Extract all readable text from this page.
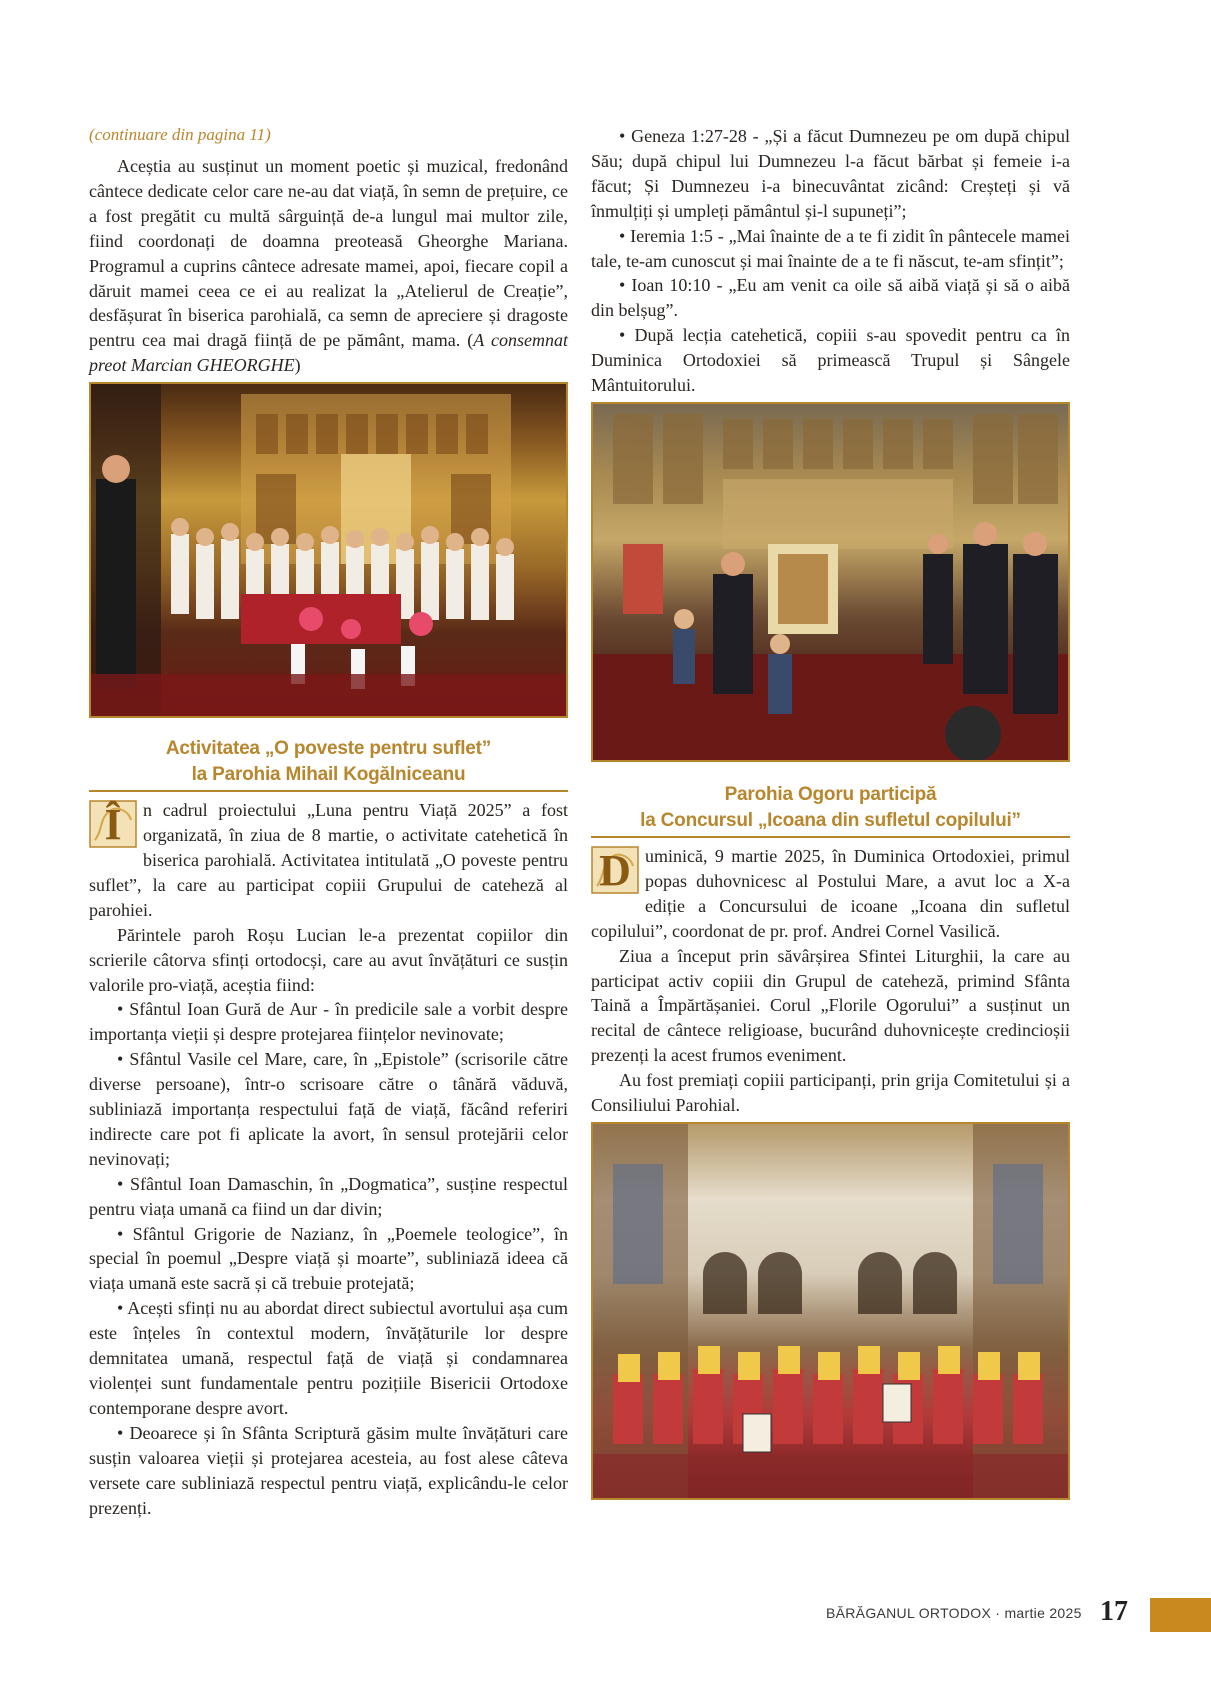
(continuare din pagina 11)

Aceștia au susținut un moment poetic și muzical, fredonând cântece dedicate celor care ne-au dat viață, în semn de prețuire, ce a fost pregătit cu multă sârguință de-a lungul mai multor zile, fiind coordonați de doamna preoteasă Gheorghe Mariana. Programul a cuprins cântece adresate mamei, apoi, fiecare copil a dăruit mamei ceea ce ei au realizat la „Atelierul de Creație”, desfășurat în biserica parohială, ca semn de apreciere și dragoste pentru cea mai dragă ființă de pe pământ, mama. (A consemnat preot Marcian GHEORGHE)

Activitatea „O poveste pentru suflet”
la Parohia Mihail Kogălniceanu

Î	n cadrul proiectului „Luna pentru Viață 2025” a fost organizată, în ziua de 8 martie, o activitate catehetică în biserica parohială. Activitatea intitulată „O poveste pentru suflet”, la care au participat copiii Grupului de cateheză al parohiei.

Părintele paroh Roșu Lucian le-a prezentat copiilor din scrierile câtorva sfinți ortodocși, care au avut învățături ce susțin valorile pro-viață, aceștia fiind:

• Sfântul Ioan Gură de Aur - în predicile sale a vorbit despre importanța vieții și despre protejarea ființelor nevinovate;

• Sfântul Vasile cel Mare, care, în „Epistole” (scrisorile către diverse persoane), într-o scrisoare către o tânără văduvă, subliniază importanța respectului față de viață, făcând referiri indirecte care pot fi aplicate la avort, în sensul protejării celor nevinovați;

• Sfântul Ioan Damaschin, în „Dogmatica”, susține respectul pentru viața umană ca fiind un dar divin;

• Sfântul Grigorie de Nazianz, în „Poemele teologice”, în special în poemul „Despre viață și moarte”, subliniază ideea că viața umană este sacră și că trebuie protejată;

• Acești sfinți nu au abordat direct subiectul avortului așa cum este înțeles în contextul modern, învățăturile lor despre demnitatea umană, respectul față de viață și condamnarea violenței sunt fundamentale pentru pozițiile Bisericii Ortodoxe contemporane despre avort.

• Deoarece și în Sfânta Scriptură găsim multe învățături care susțin valoarea vieții și protejarea acesteia, au fost alese câteva versete care subliniază respectul pentru viață, explicându-le celor prezenți.

• Geneza 1:27-28 - „Și a făcut Dumnezeu pe om după chipul Său; după chipul lui Dumnezeu l-a făcut bărbat și femeie i-a făcut; Și Dumnezeu i-a binecuvântat zicând: Creșteți și vă înmulțiți și umpleți pământul și-l supuneți”;

• Ieremia 1:5 - „Mai înainte de a te fi zidit în pântecele mamei tale, te-am cunoscut și mai înainte de a te fi născut, te-am sfințit”;

• Ioan 10:10 - „Eu am venit ca oile să aibă viață și să o aibă din belșug”.

• După lecția catehetică, copiii s-au spovedit pentru ca în Duminica Ortodoxiei să primească Trupul și Sângele Mântuitorului.

Parohia Ogoru participă
la Concursul „Icoana din sufletul copilului”

D uminică, 9 martie 2025, în Duminica Ortodoxiei, primul popas duhovnicesc al Postului Mare, a avut loc a X-a ediție a Concursului de icoane „Icoana din sufletul copilului”, coordonat de pr. prof. Andrei Cornel Vasilică.

Ziua a început prin săvârșirea Sfintei Liturghii, la care au participat activ copiii din Grupul de cateheză, primind Sfânta Taină a Împărtășaniei. Corul „Florile Ogorului” a susținut un recital de cântece religioase, bucurând duhovnicește credincioșii prezenți la acest frumos eveniment.

Au fost premiați copiii participanți, prin grija Comitetului și a Consiliului Parohial.

BĂRĂGANUL ORTODOX · martie 2025 17
